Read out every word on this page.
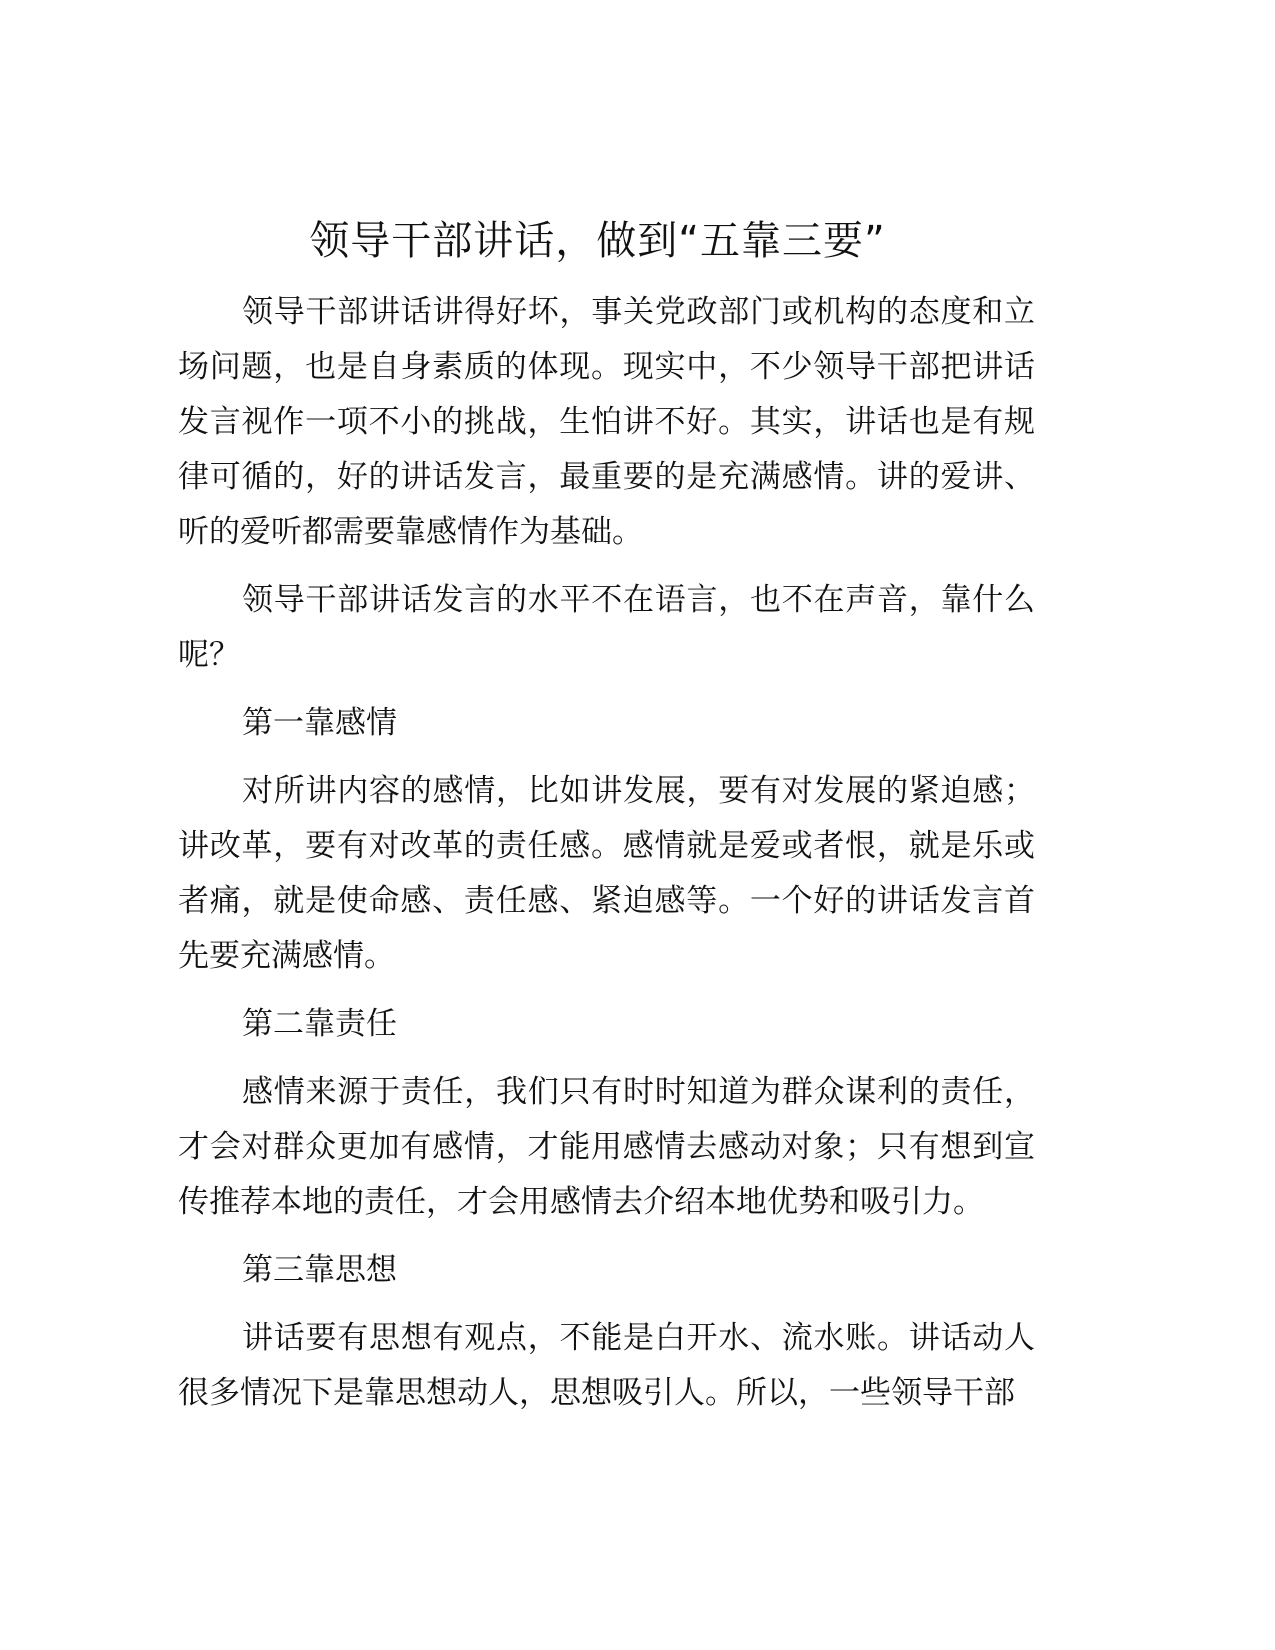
领导干部讲话，做到“五靠三要”
领导干部讲话讲得好坏，事关党政部门或机构的态度和立
场问题，也是自身素质的体现。现实中，不少领导干部把讲话
发言视作一项不小的挑战，生怕讲不好。其实，讲话也是有规
律可循的，好的讲话发言，最重要的是充满感情。讲的爱讲、
听的爱听都需要靠感情作为基础。
领导干部讲话发言的水平不在语言，也不在声音，靠什么
呢？
第一靠感情
对所讲内容的感情，比如讲发展，要有对发展的紧迫感；
讲改革，要有对改革的责任感。感情就是爱或者恨，就是乐或
者痛，就是使命感、责任感、紧迫感等。一个好的讲话发言首
先要充满感情。
第二靠责任
感情来源于责任，我们只有时时知道为群众谋利的责任，
才会对群众更加有感情，才能用感情去感动对象；只有想到宣
传推荐本地的责任，才会用感情去介绍本地优势和吸引力。
第三靠思想
讲话要有思想有观点，不能是白开水、流水账。讲话动人
很多情况下是靠思想动人，思想吸引人。所以，一些领导干部
